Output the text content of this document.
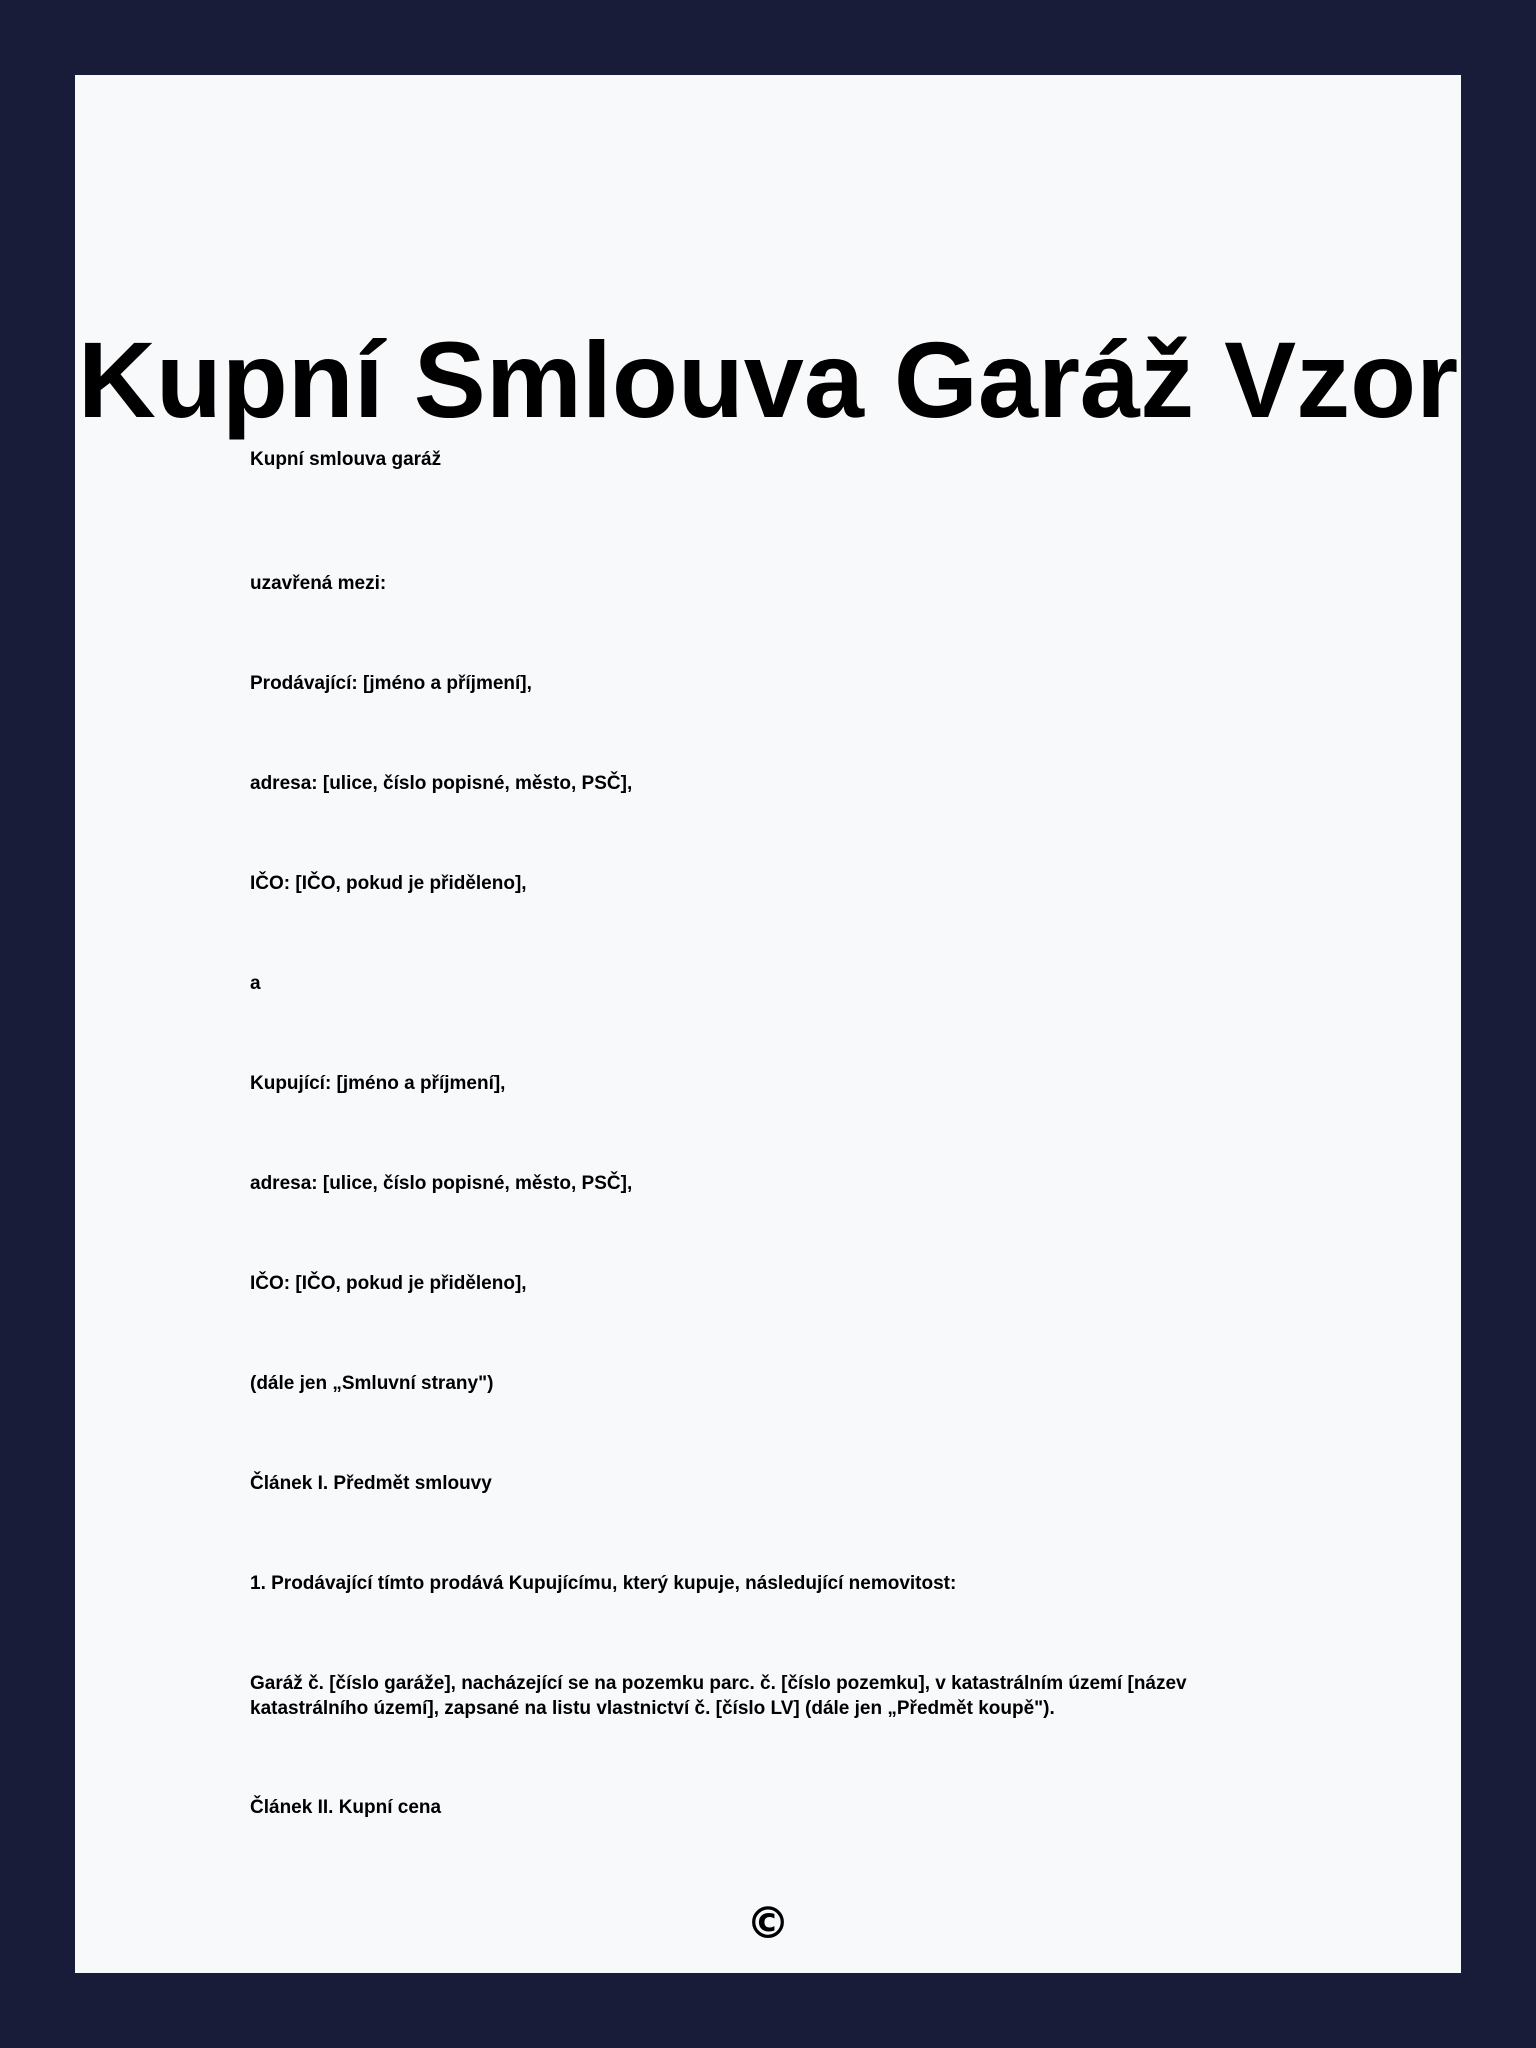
Kupní Smlouva Garáž Vzor

Kupní smlouva garáž

uzavřená mezi:

Prodávající: [jméno a příjmení],

adresa: [ulice, číslo popisné, město, PSČ],

IČO: [IČO, pokud je přiděleno],

a

Kupující: [jméno a příjmení],

adresa: [ulice, číslo popisné, město, PSČ],

IČO: [IČO, pokud je přiděleno],

(dále jen „Smluvní strany")

Článek I. Předmět smlouvy

1. Prodávající tímto prodává Kupujícímu, který kupuje, následující nemovitost:

Garáž č. [číslo garáže], nacházející se na pozemku parc. č. [číslo pozemku], v katastrálním území [název katastrálního území], zapsané na listu vlastnictví č. [číslo LV] (dále jen „Předmět koupě").

Článek II. Kupní cena

©
